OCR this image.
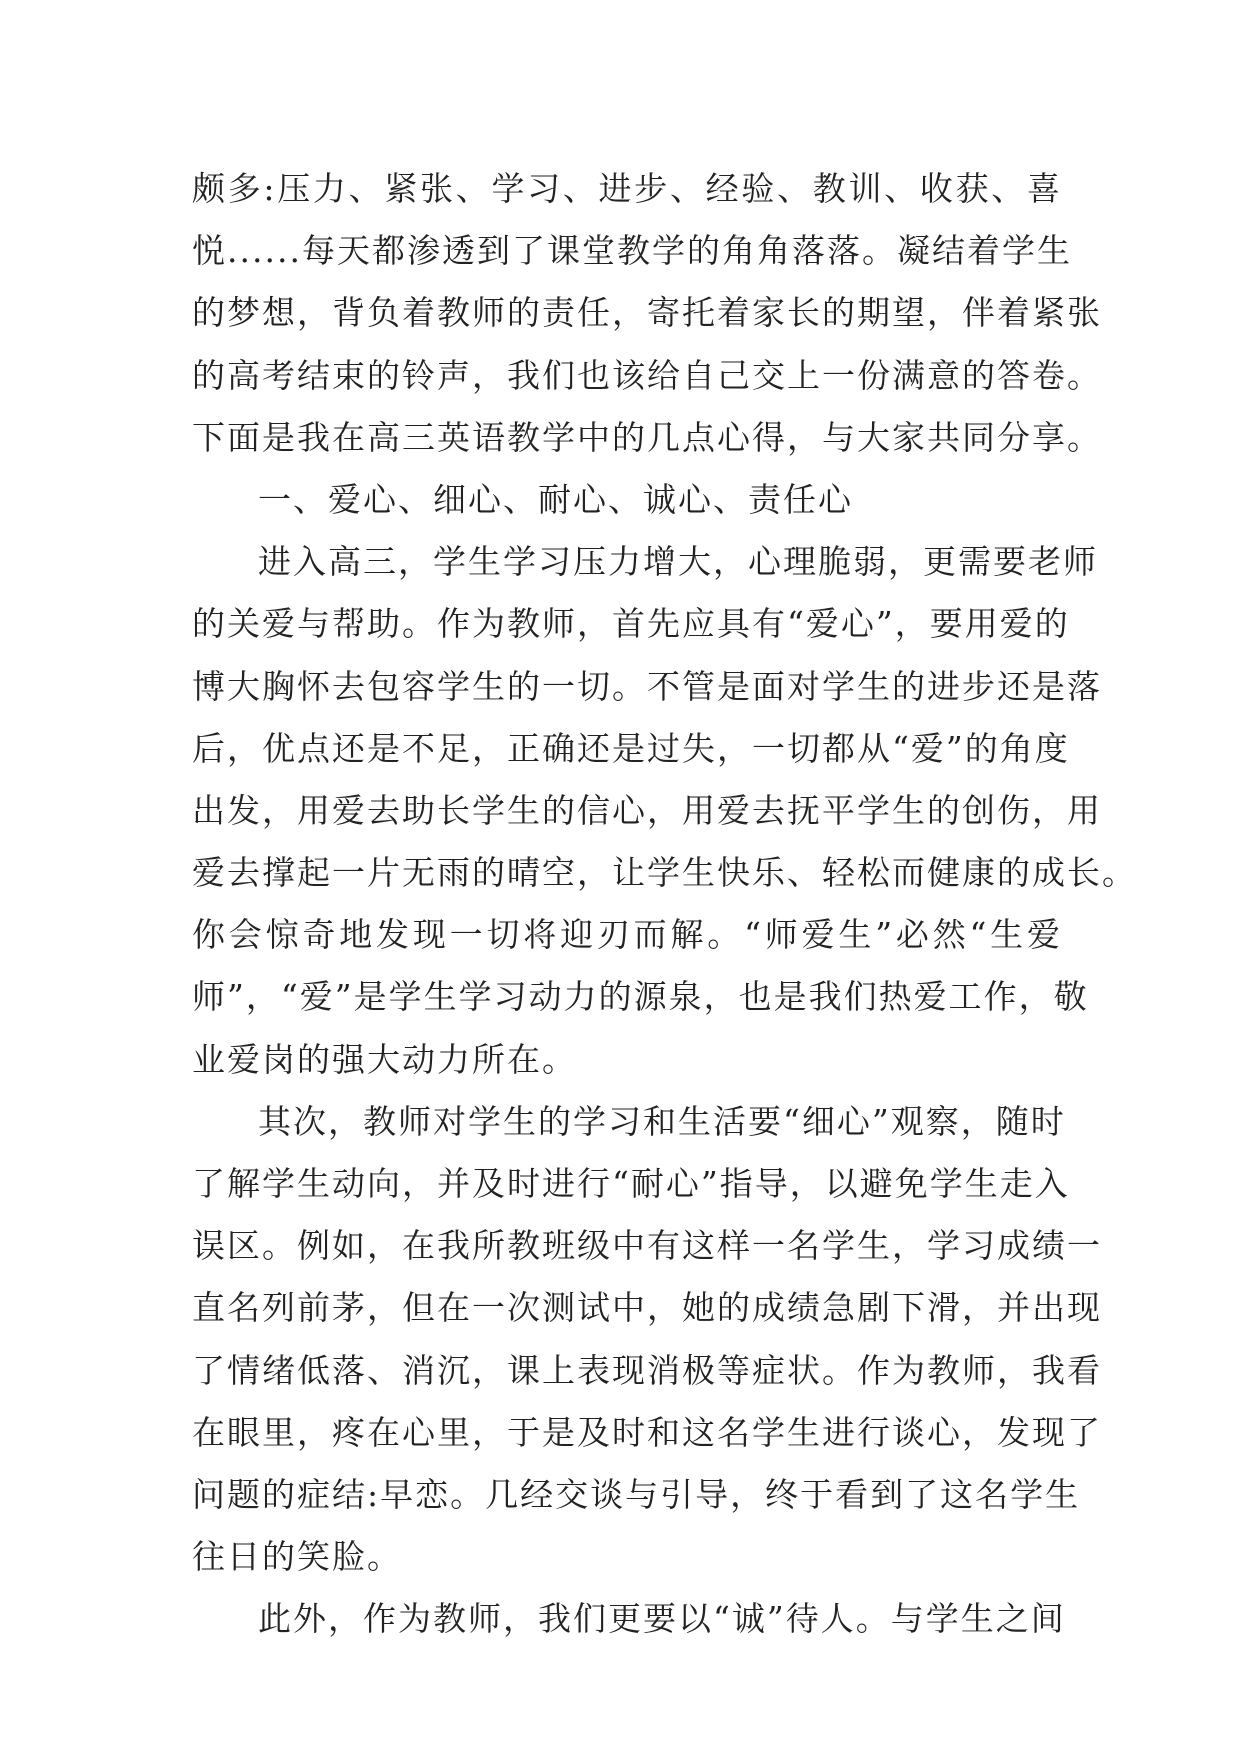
颇多:压力、紧张、学习、进步、经验、教训、收获、喜
悦......每天都渗透到了课堂教学的角角落落。凝结着学生
的梦想，背负着教师的责任，寄托着家长的期望，伴着紧张
的高考结束的铃声，我们也该给自己交上一份满意的答卷。
下面是我在高三英语教学中的几点心得，与大家共同分享。
一、爱心、细心、耐心、诚心、责任心
进入高三，学生学习压力增大，心理脆弱，更需要老师
的关爱与帮助。作为教师，首先应具有“爱心”，要用爱的
博大胸怀去包容学生的一切。不管是面对学生的进步还是落
后，优点还是不足，正确还是过失，一切都从“爱”的角度
出发，用爱去助长学生的信心，用爱去抚平学生的创伤，用
爱去撑起一片无雨的晴空，让学生快乐、轻松而健康的成长。
你会惊奇地发现一切将迎刃而解。“师爱生”必然“生爱
师”，“爱”是学生学习动力的源泉，也是我们热爱工作，敬
业爱岗的强大动力所在。
其次，教师对学生的学习和生活要“细心”观察，随时
了解学生动向，并及时进行“耐心”指导，以避免学生走入
误区。例如，在我所教班级中有这样一名学生，学习成绩一
直名列前茅，但在一次测试中，她的成绩急剧下滑，并出现
了情绪低落、消沉，课上表现消极等症状。作为教师，我看
在眼里，疼在心里，于是及时和这名学生进行谈心，发现了
问题的症结:早恋。几经交谈与引导，终于看到了这名学生
往日的笑脸。
此外，作为教师，我们更要以“诚”待人。与学生之间
